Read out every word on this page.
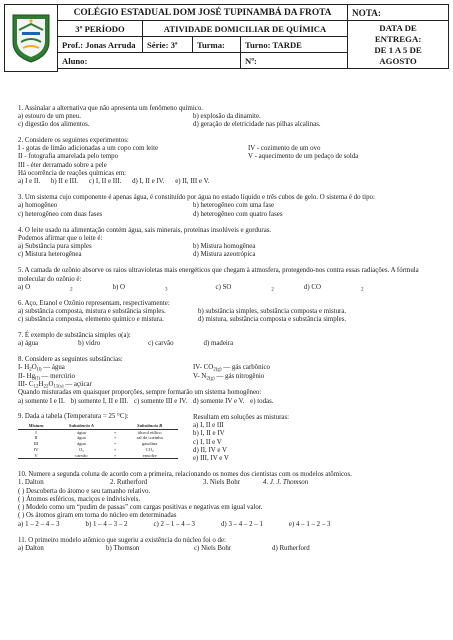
	COLÉGIO ESTADUAL DOM JOSÉ TUPINAMBÁ DA FROTA				NOTA:
	3º PERÍODO	ATIVIDADE DOMICILIAR DE QUÍMICA			DATA DE
ENTREGA:
DE 1 A 5 DE
AGOSTO

	Prof.: Jonas Arruda	Série: 3ª	Turma:	Turno: TARDE	
	Aluno:			Nº:	

1. Assinalar a alternativa que não apresenta um fenômeno químico.

a) estouro de um pneu.	b) explosão da dinamite.
c) digestão dos alimentos.	d) geração de eletricidade nas pilhas alcalinas.

2. Considere os seguintes experimentos:

I - gotas de limão adicionadas a um copo com leite	IV - cozimento de um ovo
II - fotografia amarelada pelo tempo	V - aquecimento de um pedaço de solda

III - éter derramado sobre a pele

Há ocorrência de reações químicas em:

a) I e II. b) II e III. c) I, II e III. d) I, II e IV. e) II, III e V.

3. Um sistema cujo componente é apenas água, é constituído por água no estado líquido e três cubos de gelo. O sistema é do tipo:

a) homogêneo	b) heterogêneo com uma fase
c) heterogêneo com duas fases	d) heterogêneo com quatro fases

4. O leite usado na alimentação contém água, sais minerais, proteínas insolúveis e gorduras.

Podemos afirmar que o leite é:

a) Substância pura simples	b) Mistura homogênea
c) Mistura heterogênea	d) Mistura azeotrópica

5. A camada de ozônio absorve os raios ultravioletas mais energéticos que chegam à atmosfera, protegendo-nos contra essas radiações. A fórmula molecular do ozônio é:

a) O	$_2$	b) O	$_3$	c) SO	$_2$	d) CO	$_2$

6. Aço, Etanol e Ozônio representam, respectivamente:

a) substância composta, mistura e substância simples.	b) substância simples, substância composta e mistura.
c) substância composta, elemento químico e mistura.	d) mistura, substância composta e substância simples.

7. É exemplo de substância simples o(a):

a) água	b) vidro	c) carvão	d) madeira

8. Considere as seguintes substâncias:

I- $H_2O_{(l)}$ — água	IV- $CO_{2(g)}$ — gás carbônico
II- $Hg_{(l)}$ — mercúrio	V- $N_{2(g)}$ — gás nitrogênio

III- $C_{12}H_{22}O_{11(s)}$ — açúcar

Quando misturadas em quaisquer proporções, sempre formarão um sistema homogêneo:

a) somente I e II. b) somente I, II e III. c) somente III e IV. d) somente IV e V. e) todas.

9. Dada a tabela (Temperatura = 25 °C):

Mistura	Substância A		Substância B
I	água	+	álcool etílico
II	água	+	sal de cozinha
III	água	+	gasolina
IV	O₂	+	CO₂
V	carvão	+	enxofre

Resultam em soluções as misturas:

a) I, II e III

b) I, II e IV

c) I, II e V

d) II, IV e V

e) III, IV e V

10. Numere a segunda coluna de acordo com a primeira, relacionando os nomes dos cientistas com os modelos atômicos.

1. Dalton	2. Rutherford	3. Niels Bohr	4. J. J. Thomson

( ) Descoberta do átomo e seu tamanho relativo.

( ) Átomos esféricos, maciços e indivisíveis.

( ) Modelo como um “pudim de passas” com cargas positivas e negativas em igual valor.

( ) Os átomos giram em torna do núcleo em determinadas

a) 1 – 2 – 4 – 3	b) 1 – 4 – 3 – 2	c) 2 – 1 – 4 – 3	d) 3 – 4 – 2 – 1	e) 4 – 1 – 2 – 3

11. O primeiro modelo atômico que sugeriu a existência do núcleo foi o de:

a) Dalton	b) Thomson	c) Niels Bohr	d) Rutherford
